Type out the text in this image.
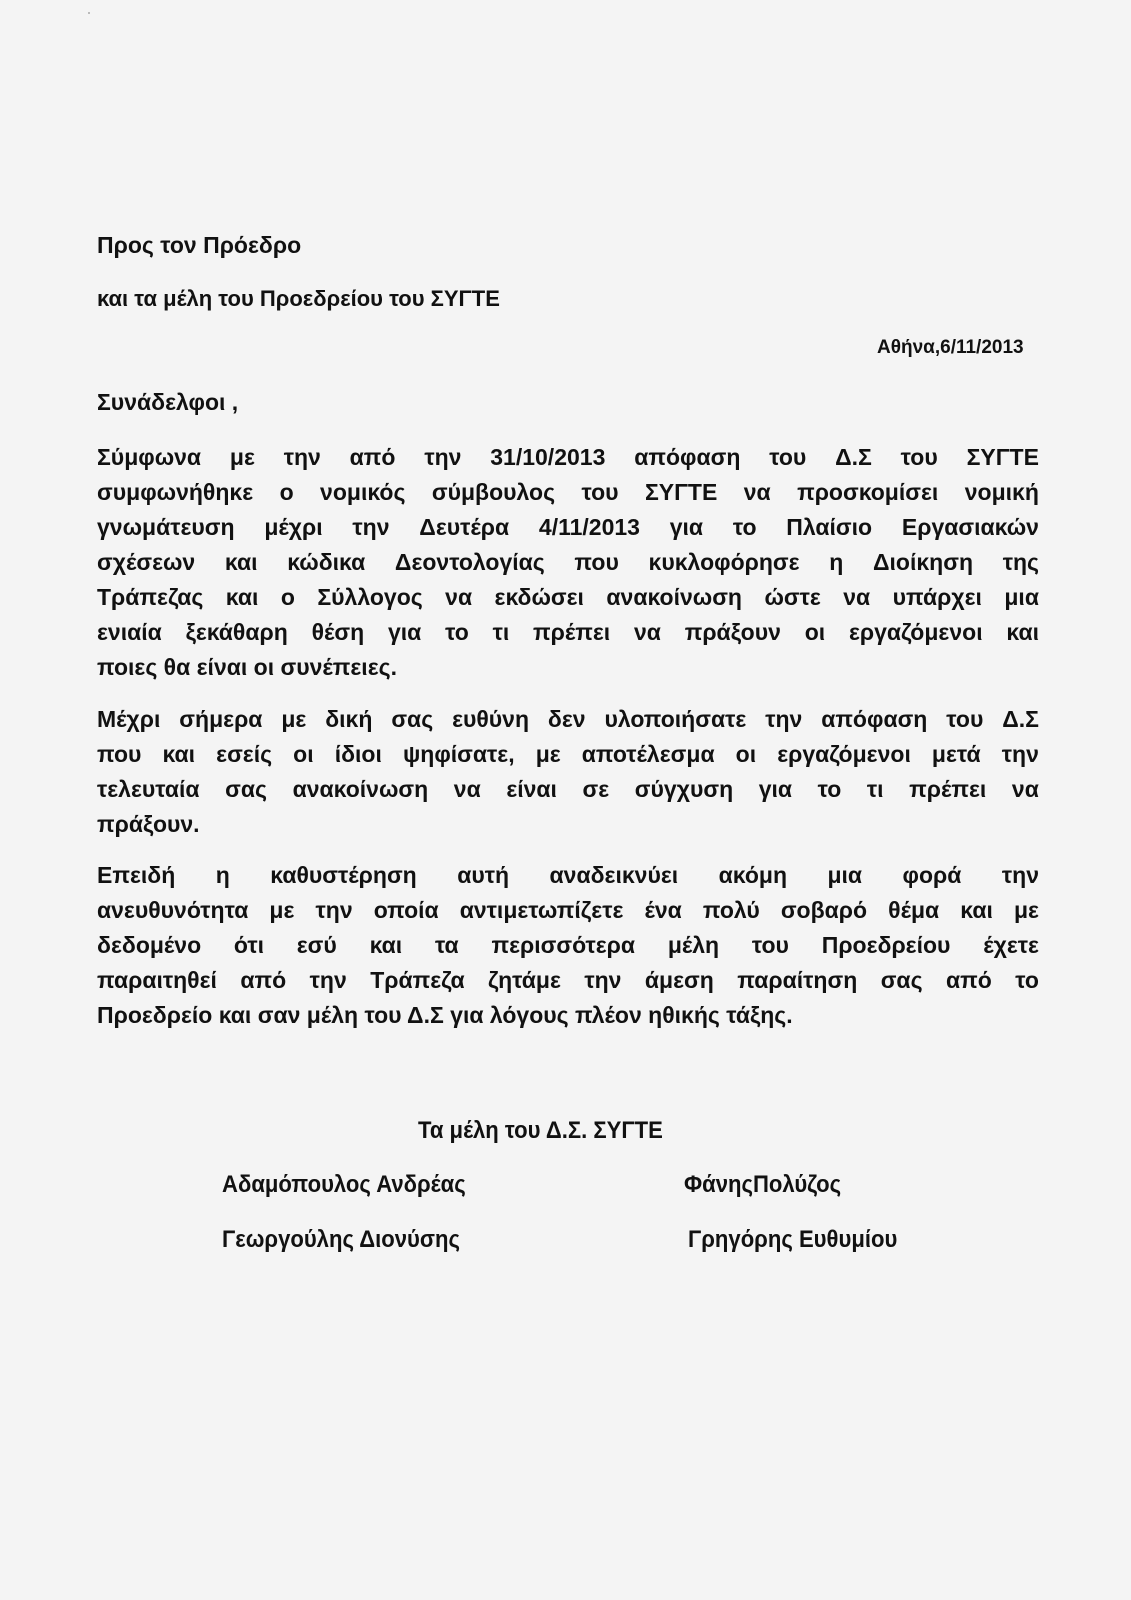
Προς τον Πρόεδρο
και τα μέλη του Προεδρείου του ΣΥΓΤΕ
Αθήνα,6/11/2013
Συνάδελφοι ,
Σύμφωνα με την από την 31/10/2013 απόφαση του Δ.Σ του ΣΥΓΤΕ
συμφωνήθηκε ο νομικός σύμβουλος του ΣΥΓΤΕ να προσκομίσει νομική
γνωμάτευση μέχρι την Δευτέρα 4/11/2013 για το Πλαίσιο Εργασιακών
σχέσεων και κώδικα Δεοντολογίας που κυκλοφόρησε η Διοίκηση της
Τράπεζας και ο Σύλλογος να εκδώσει ανακοίνωση ώστε να υπάρχει μια
ενιαία ξεκάθαρη θέση για το τι πρέπει να πράξουν οι εργαζόμενοι και
ποιες θα είναι οι συνέπειες.
Μέχρι σήμερα με δική σας ευθύνη δεν υλοποιήσατε την απόφαση του Δ.Σ
που και εσείς οι ίδιοι ψηφίσατε, με αποτέλεσμα οι εργαζόμενοι μετά την
τελευταία σας ανακοίνωση να είναι σε σύγχυση για το τι πρέπει να
πράξουν.
Επειδή η καθυστέρηση αυτή αναδεικνύει ακόμη μια φορά την
ανευθυνότητα με την οποία αντιμετωπίζετε ένα πολύ σοβαρό θέμα και με
δεδομένο ότι εσύ και τα περισσότερα μέλη του Προεδρείου έχετε
παραιτηθεί από την Τράπεζα ζητάμε την άμεση παραίτηση σας από το
Προεδρείο και σαν μέλη του Δ.Σ για λόγους πλέον ηθικής τάξης.
Τα μέλη του Δ.Σ. ΣΥΓΤΕ
Αδαμόπουλος Ανδρέας	ΦάνηςΠολύζος
Γεωργούλης Διονύσης	Γρηγόρης Ευθυμίου
